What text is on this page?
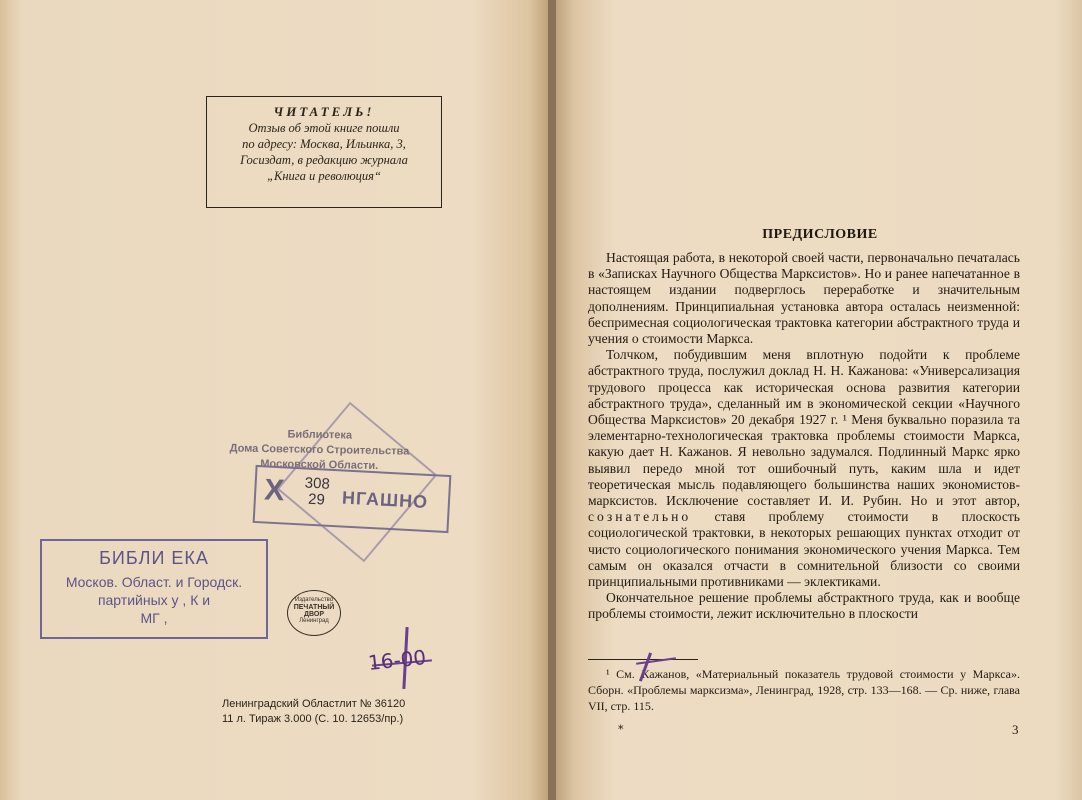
ЧИТАТЕЛЬ!
Отзыв об этой книге пошли
по адресу: Москва, Ильинка, 3,
Госиздат, в редакцию журнала
„Книга и революция“
Библиотека
Дома Советского Строительства
Московской Области.
X 308
29 НГАШНО
БИБЛИ ЕКА
Моск​ов. Област. и Городск.
партийных у , К и
МГ ,
Издательство
ПЕЧАТНЫЙ
ДВОР
Ленинград
16-00
Ленинградский Областлит № 36120
11 л. Тираж 3.000 (С. 10. 12653/пр.)
ПРЕДИСЛОВИЕ

Настоящая работа, в некоторой своей части, первоначально печаталась в «Записках Научного Общества Марксистов». Но и ранее напечатанное в настоящем издании подверглось переработке и значительным дополнениям. Принципиальная установка автора осталась неизменной: беспримесная социологическая трактовка категории абстрактного труда и учения о стоимости Маркса.

Толчком, побудившим меня вплотную подойти к проблеме абстрактного труда, послужил доклад Н. Н. Кажанова: «Универсализация трудового процесса как историческая основа развития категории абстрактного труда», сделанный им в экономической секции «Научного Общества Марксистов» 20 декабря 1927 г. ¹ Меня буквально поразила та элементарно-технологическая трактовка проблемы стоимости Маркса, какую дает Н. Кажанов. Я невольно задумался. Подлинный Маркс ярко выявил передо мной тот ошибочный путь, каким шла и идет теоретическая мысль подавляющего большинства наших экономистов-марксистов. Исключение составляет И. И. Рубин. Но и этот автор, сознательно ставя проблему стоимости в плоскость социологической трактовки, в некоторых решающих пунктах отходит от чисто социологического понимания экономического учения Маркса. Тем самым он оказался отчасти в сомнительной близости со своими принципиальными противниками — эклектиками.

Окончательное решение проблемы абстрактного труда, как и вообще проблемы стоимости, лежит исключительно в плоскости

¹ См. Кажанов, «Материальный показатель трудовой стоимости у Маркса». Сборн. «Проблемы марксизма», Ленинград, 1928, стр. 133—168. — Ср. ниже, глава VII, стр. 115.

*	3
